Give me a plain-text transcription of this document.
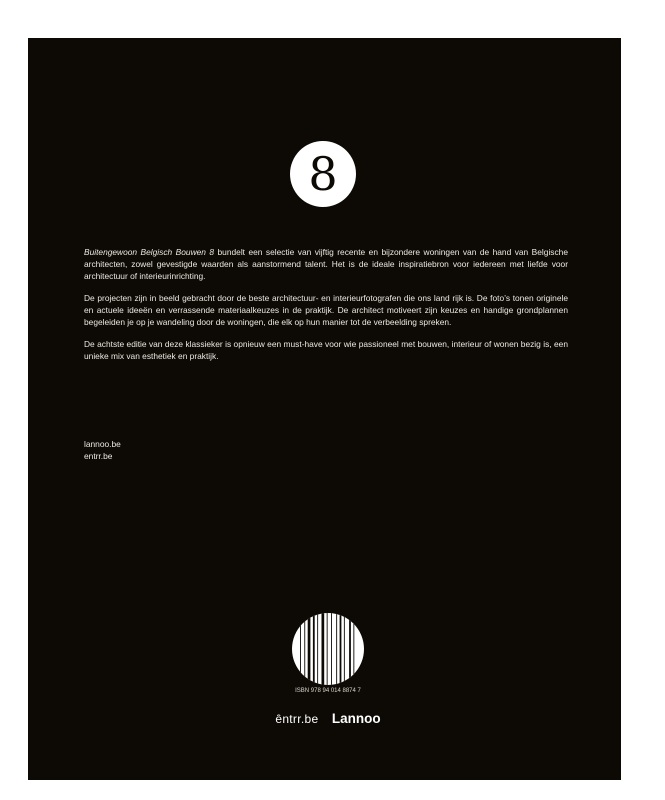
8

Buitengewoon Belgisch Bouwen 8 bundelt een selectie van vijftig recente en bijzondere woningen van de hand van Belgische architecten, zowel gevestigde waarden als aanstormend talent. Het is de ideale inspiratiebron voor iedereen met liefde voor architectuur of interieurinrichting.

De projecten zijn in beeld gebracht door de beste architectuur- en interieurfotografen die ons land rijk is. De foto’s tonen originele en actuele ideeën en verrassende materiaalkeuzes in de praktijk. De architect motiveert zijn keuzes en handige grondplannen begeleiden je op je wandeling door de woningen, die elk op hun manier tot de verbeelding spreken.

De achtste editie van deze klassieker is opnieuw een must-have voor wie passioneel met bouwen, interieur of wonen bezig is, een unieke mix van esthetiek en praktijk.

lannoo.be
entrr.be
ISBN 978 94 014 8874 7
ȇntrr.be Lannoo
